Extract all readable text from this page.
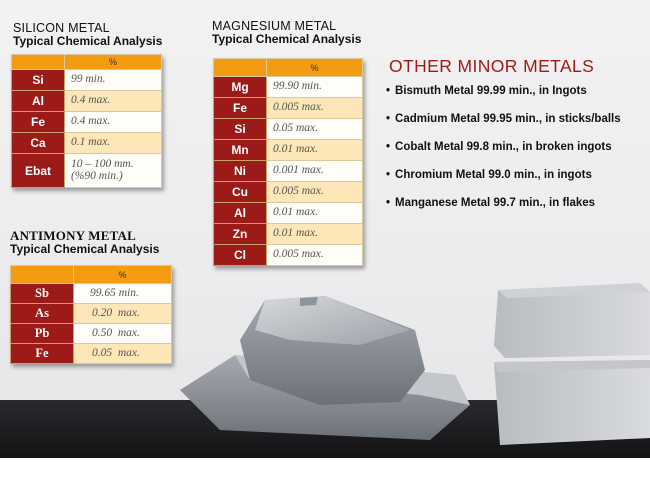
SILICON METAL
Typical Chemical Analysis
	%
Si	99 min.
Al	0.4 max.
Fe	0.4 max.
Ca	0.1 max.
Ebat	10 – 100 mm.
(%90 min.)
MAGNESIUM METAL
Typical Chemical Analysis
	%
Mg	99.90 min.
Fe	0.005 max.
Si	0.05 max.
Mn	0.01 max.
Ni	0.001 max.
Cu	0.005 max.
Al	0.01 max.
Zn	0.01 max.
Cl	0.005 max.
ANTIMONY METAL
Typical Chemical Analysis
	%
Sb	99.65 min.
As	0.20  max.
Pb	0.50  max.
Fe	0.05  max.
OTHER MINOR METALS
• Bismuth Metal 99.99 min., in Ingots
• Cadmium Metal 99.95 min., in sticks/balls
• Cobalt Metal 99.8 min., in broken ingots
• Chromium Metal 99.0 min., in ingots
• Manganese Metal 99.7 min., in flakes
